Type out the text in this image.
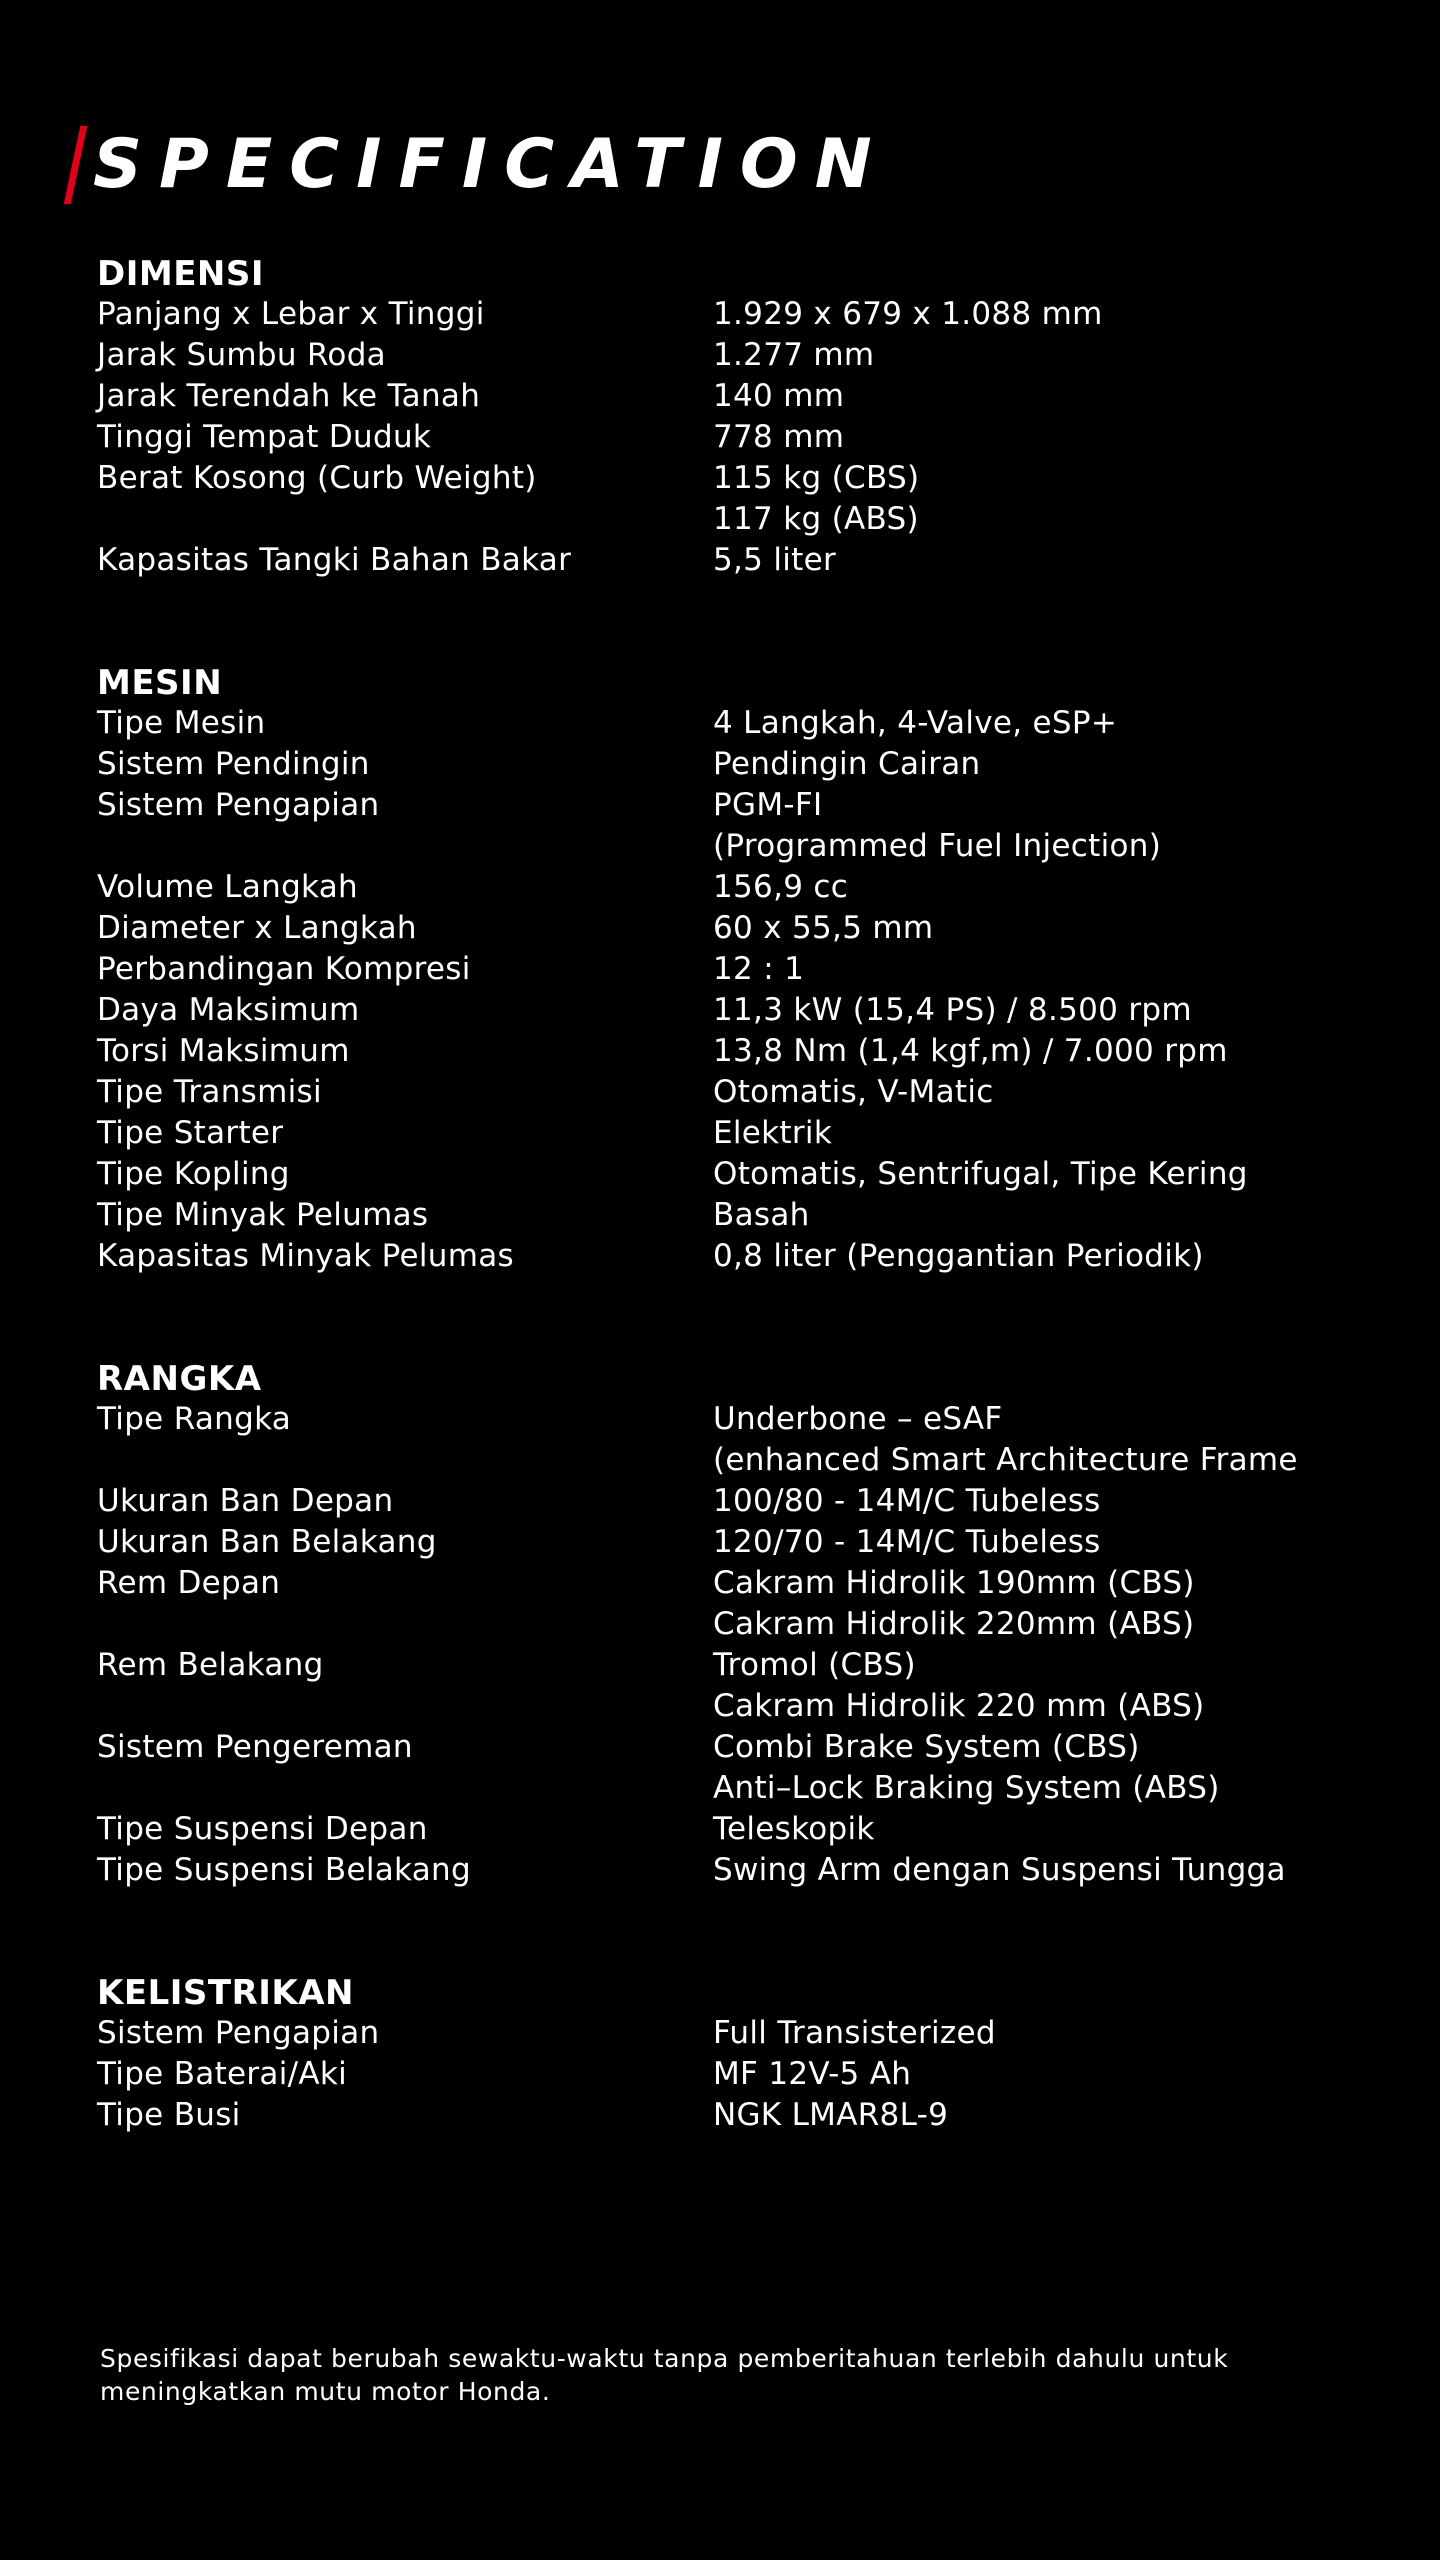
SPECIFICATION
DIMENSI
Panjang x Lebar x Tinggi	1.929 x 679 x 1.088 mm
Jarak Sumbu Roda	1.277 mm
Jarak Terendah ke Tanah	140 mm
Tinggi Tempat Duduk	778 mm
Berat Kosong (Curb Weight)	115 kg (CBS)
117 kg (ABS)
Kapasitas Tangki Bahan Bakar	5,5 liter
MESIN
Tipe Mesin	4 Langkah, 4-Valve, eSP+
Sistem Pendingin	Pendingin Cairan
Sistem Pengapian	PGM-FI
(Programmed Fuel Injection)
Volume Langkah	156,9 cc
Diameter x Langkah	60 x 55,5 mm
Perbandingan Kompresi	12 : 1
Daya Maksimum	11,3 kW (15,4 PS) / 8.500 rpm
Torsi Maksimum	13,8 Nm (1,4 kgf,m) / 7.000 rpm
Tipe Transmisi	Otomatis, V-Matic
Tipe Starter	Elektrik
Tipe Kopling	Otomatis, Sentrifugal, Tipe Kering
Tipe Minyak Pelumas	Basah
Kapasitas Minyak Pelumas	0,8 liter (Penggantian Periodik)
RANGKA
Tipe Rangka	Underbone – eSAF
(enhanced Smart Architecture Frame
Ukuran Ban Depan	100/80 - 14M/C Tubeless
Ukuran Ban Belakang	120/70 - 14M/C Tubeless
Rem Depan	Cakram Hidrolik 190mm (CBS)
Cakram Hidrolik 220mm (ABS)
Rem Belakang	Tromol (CBS)
Cakram Hidrolik 220 mm (ABS)
Sistem Pengereman	Combi Brake System (CBS)
Anti–Lock Braking System (ABS)
Tipe Suspensi Depan	Teleskopik
Tipe Suspensi Belakang	Swing Arm dengan Suspensi Tungga
KELISTRIKAN
Sistem Pengapian	Full Transisterized
Tipe Baterai/Aki	MF 12V-5 Ah
Tipe Busi	NGK LMAR8L-9
Spesifikasi dapat berubah sewaktu-waktu tanpa pemberitahuan terlebih dahulu untuk meningkatkan mutu motor Honda.
